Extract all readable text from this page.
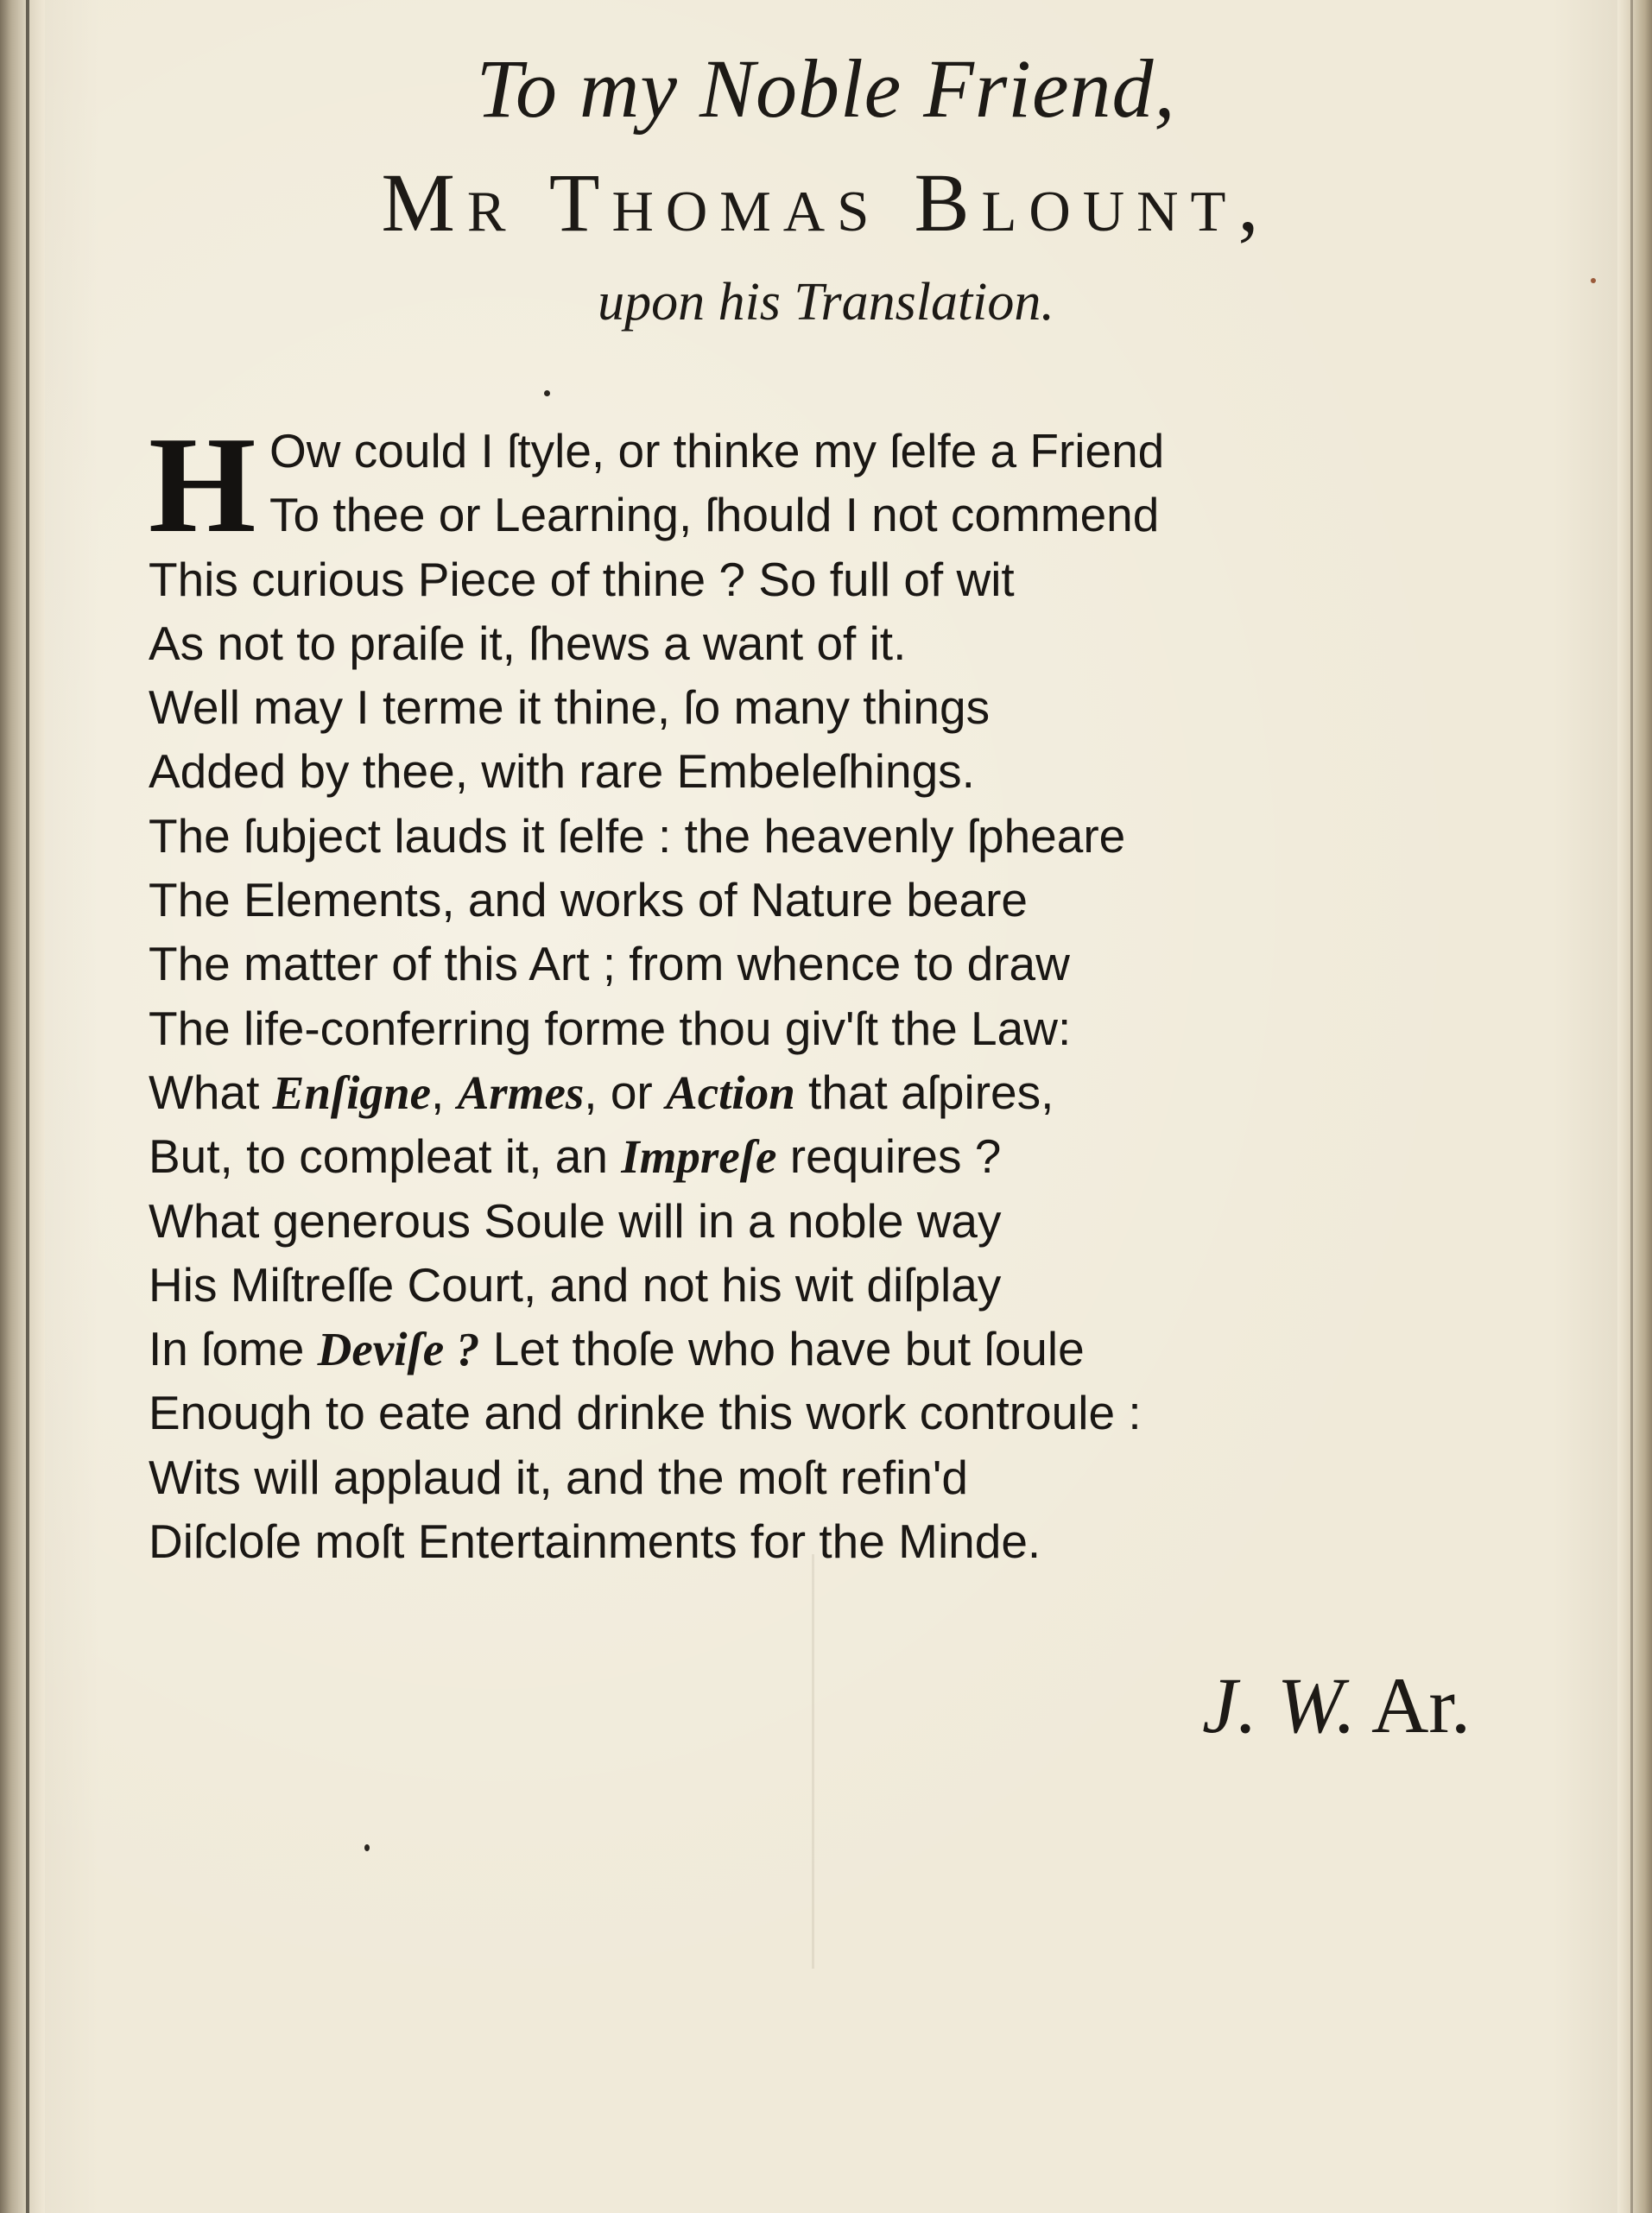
To my Noble Friend,
Mr Thomas Blount,
upon his Translation.
H Ow could I ſtyle, or thinke my ſelfe a Friend
To thee or Learning, ſhould I not commend
This curious Piece of thine ? So full of wit
As not to praiſe it, ſhews a want of it.
Well may I terme it thine, ſo many things
Added by thee, with rare Embeleſhings.
The ſubject lauds it ſelfe : the heavenly ſpheare
The Elements, and works of Nature beare
The matter of this Art ; from whence to draw
The life-conferring forme thou giv'ſt the Law:
What Enſigne, Armes, or Action that aſpires,
But, to compleat it, an Impreſe requires ?
What generous Soule will in a noble way
His Miſtreſſe Court, and not his wit diſplay
In ſome Deviſe ? Let thoſe who have but ſoule
Enough to eate and drinke this work controule :
Wits will applaud it, and the moſt refin'd
Diſcloſe moſt Entertainments for the Minde.
J. W. Ar.
